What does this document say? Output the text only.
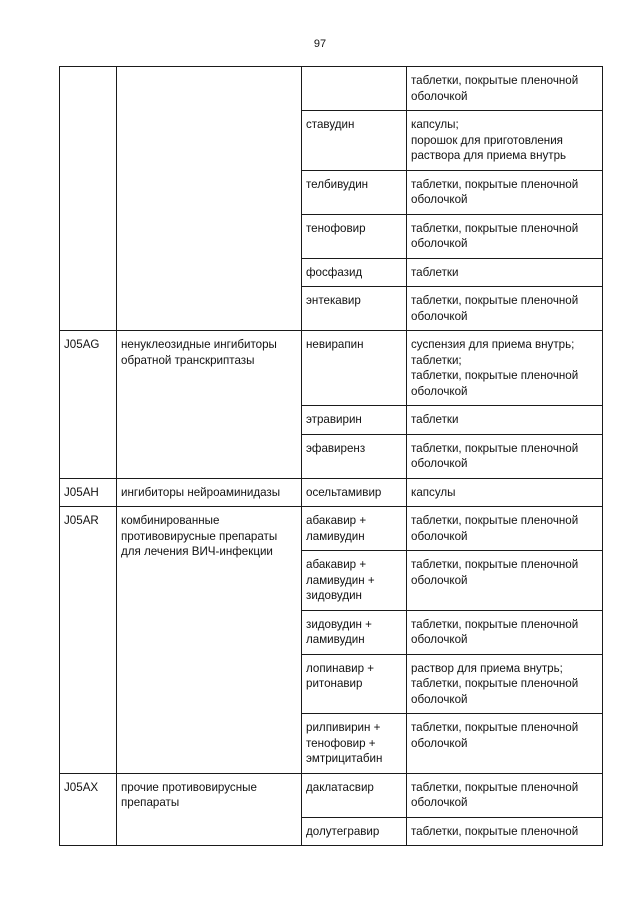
97
			таблетки, покрытые пленочной
оболочкой
		ставудин	капсулы;
порошок для приготовления
раствора для приема внутрь
		телбивудин	таблетки, покрытые пленочной
оболочкой
		тенофовир	таблетки, покрытые пленочной
оболочкой
		фосфазид	таблетки
		энтекавир	таблетки, покрытые пленочной
оболочкой
J05AG	ненуклеозидные ингибиторы
обратной транскриптазы	невирапин	суспензия для приема внутрь;
таблетки;
таблетки, покрытые пленочной
оболочкой
		этравирин	таблетки
		эфавиренз	таблетки, покрытые пленочной
оболочкой
J05AH	ингибиторы нейроаминидазы	осельтамивир	капсулы
J05AR	комбинированные
противовирусные препараты
для лечения ВИЧ-инфекции	абакавир +
ламивудин	таблетки, покрытые пленочной
оболочкой
		абакавир +
ламивудин +
зидовудин	таблетки, покрытые пленочной
оболочкой
		зидовудин +
ламивудин	таблетки, покрытые пленочной
оболочкой
		лопинавир +
ритонавир	раствор для приема внутрь;
таблетки, покрытые пленочной
оболочкой
		рилпивирин +
тенофовир +
эмтрицитабин	таблетки, покрытые пленочной
оболочкой
J05AX	прочие противовирусные
препараты	даклатасвир	таблетки, покрытые пленочной
оболочкой
		долутегравир	таблетки, покрытые пленочной
